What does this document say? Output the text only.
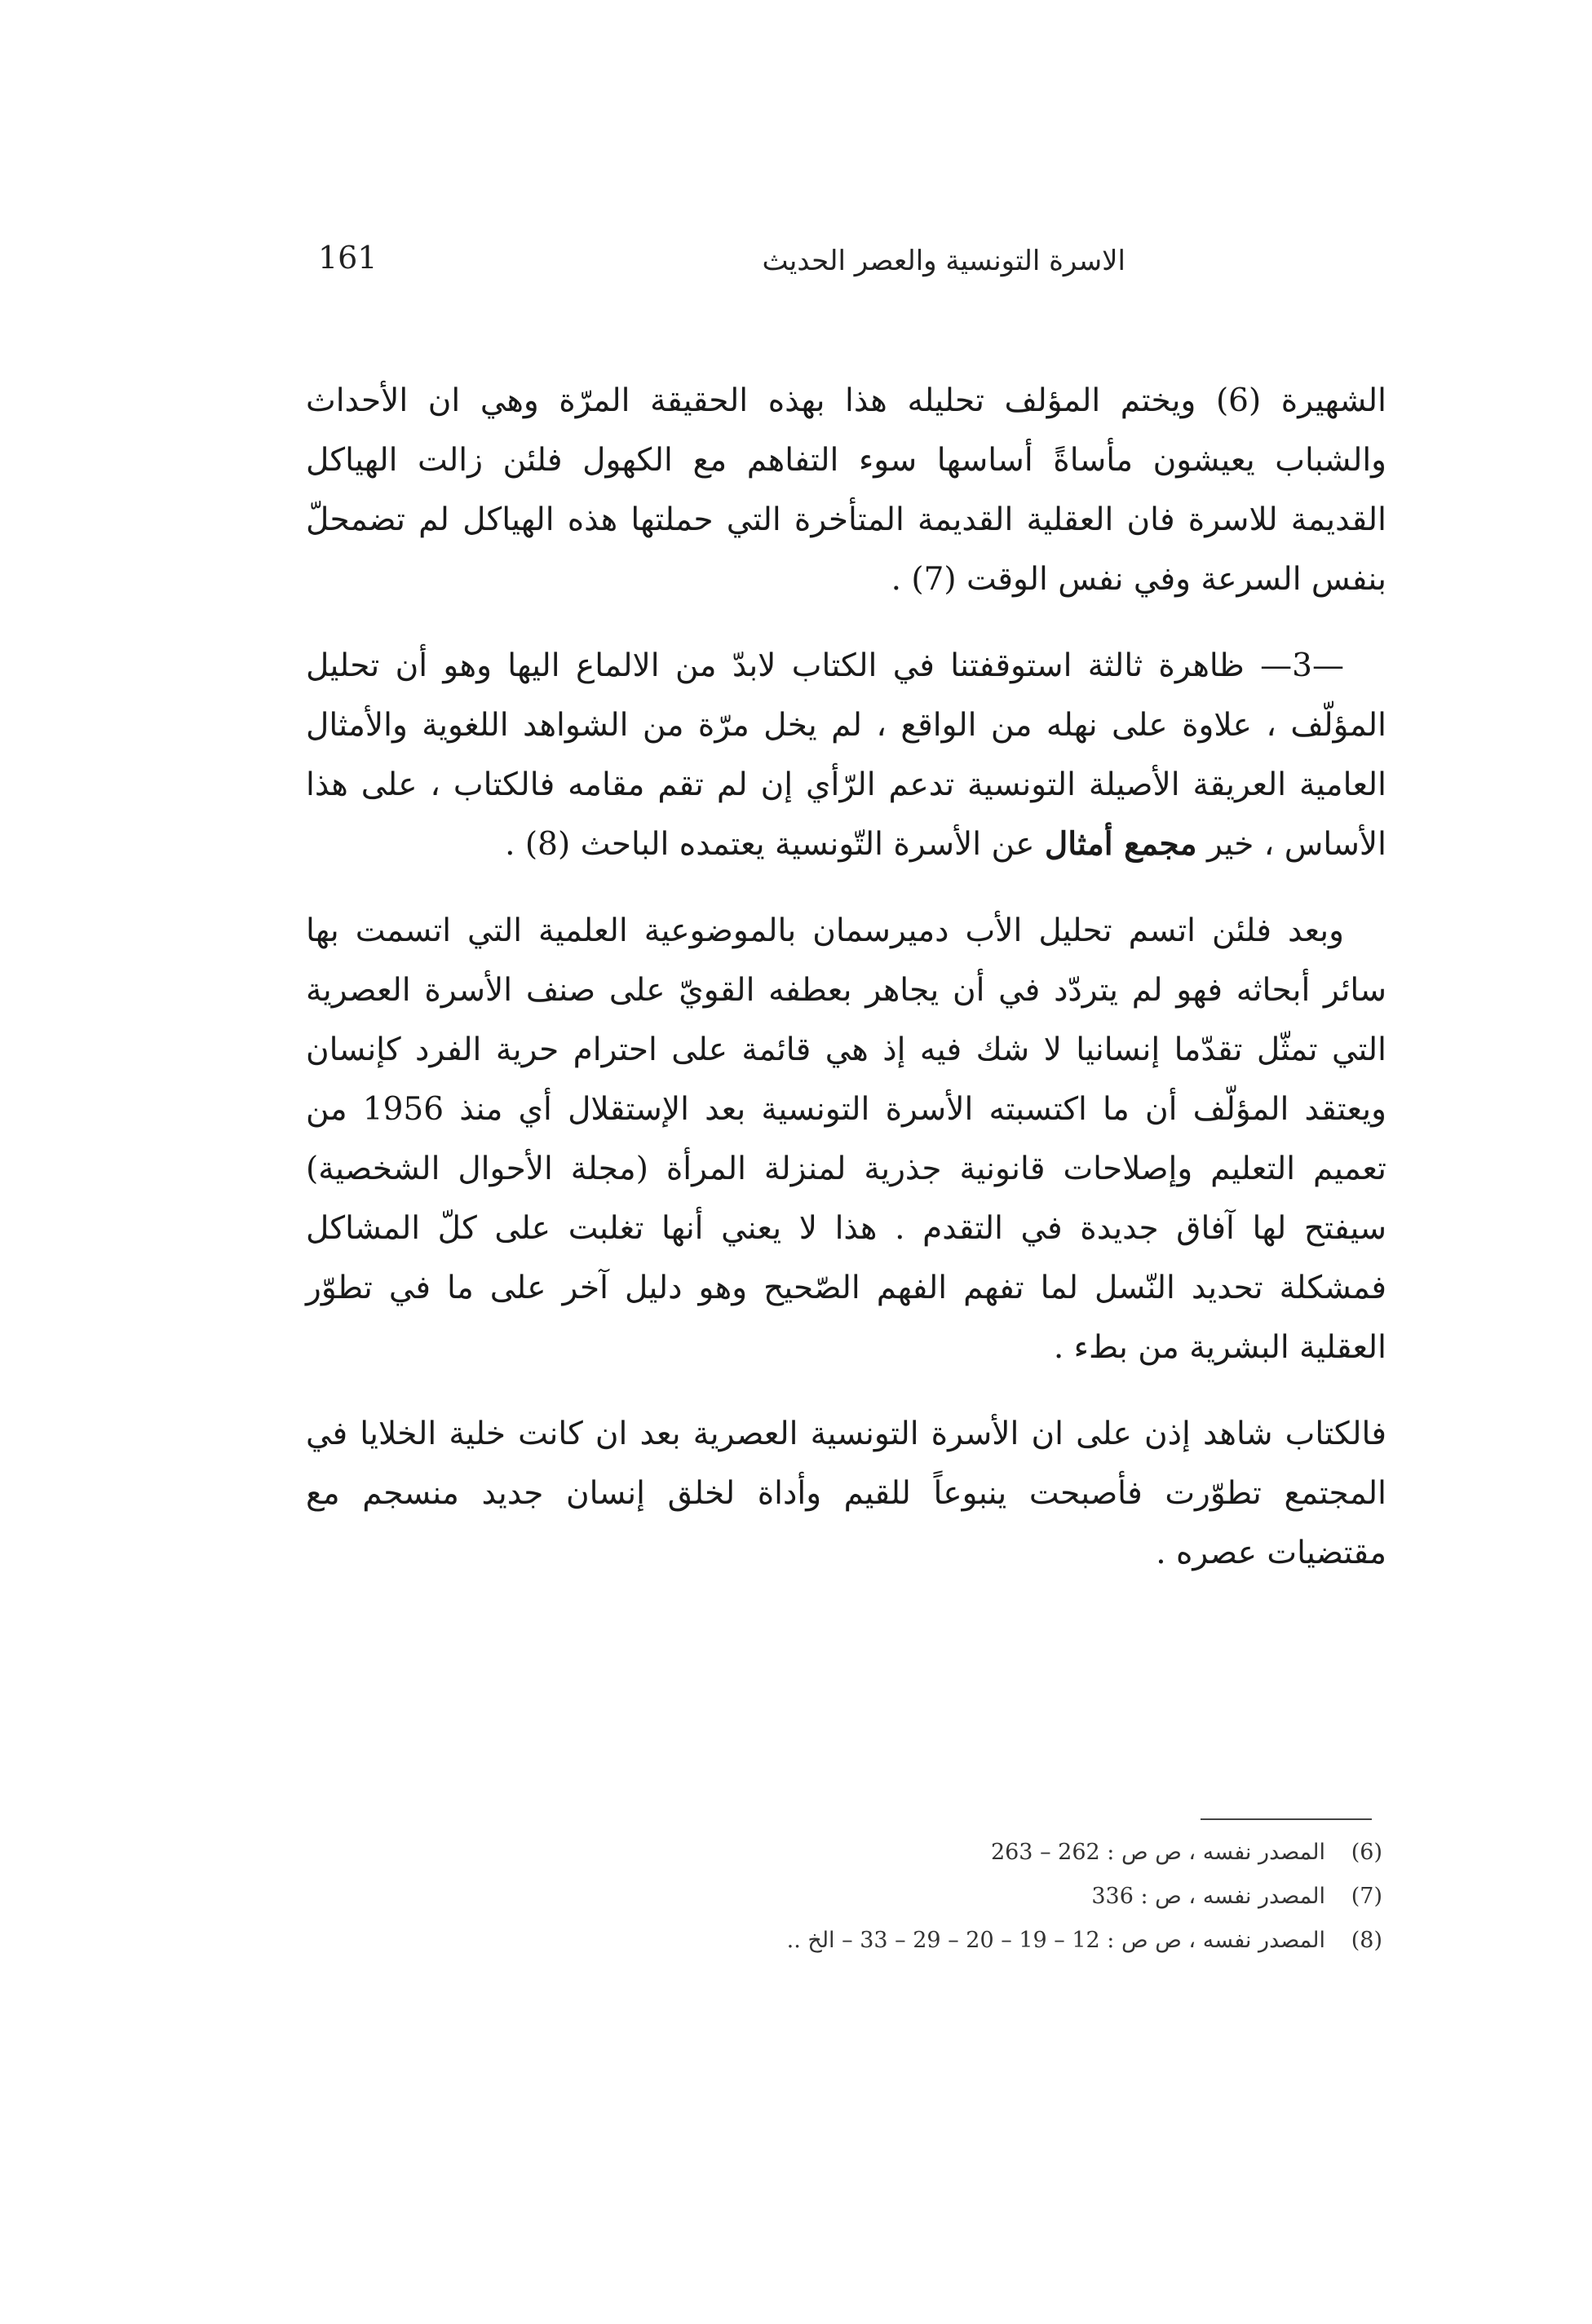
الاسرة التونسية والعصر الحديث
161

الشهيرة (6) ويختم المؤلف تحليله هذا بهذه الحقيقة المرّة وهي ان الأحداث والشباب يعيشون مأساةً أساسها سوء التفاهم مع الكهول فلئن زالت الهياكل القديمة للاسرة فان العقلية القديمة المتأخرة التي حملتها هذه الهياكل لم تضمحلّ بنفس السرعة وفي نفس الوقت (7) .

—3— ظاهرة ثالثة استوقفتنا في الكتاب لابدّ من الالماع اليها وهو أن تحليل المؤلّف ، علاوة على نهله من الواقع ، لم يخل مرّة من الشواهد اللغوية والأمثال العامية العريقة الأصيلة التونسية تدعم الرّأي إن لم تقم مقامه فالكتاب ، على هذا الأساس ، خير مجمع أمثال عن الأسرة التّونسية يعتمده الباحث (8) .

وبعد فلئن اتسم تحليل الأب دميرسمان بالموضوعية العلمية التي اتسمت بها سائر أبحاثه فهو لم يتردّد في أن يجاهر بعطفه القويّ على صنف الأسرة العصرية التي تمثّل تقدّما إنسانيا لا شك فيه إذ هي قائمة على احترام حرية الفرد كإنسان ويعتقد المؤلّف أن ما اكتسبته الأسرة التونسية بعد الإستقلال أي منذ 1956 من تعميم التعليم وإصلاحات قانونية جذرية لمنزلة المرأة (مجلة الأحوال الشخصية) سيفتح لها آفاق جديدة في التقدم . هذا لا يعني أنها تغلبت على كلّ المشاكل فمشكلة تحديد النّسل لما تفهم الفهم الصّحيح وهو دليل آخر على ما في تطوّر العقلية البشرية من بطء .

فالكتاب شاهد إذن على ان الأسرة التونسية العصرية بعد ان كانت خلية الخلايا في المجتمع تطوّرت فأصبحت ينبوعاً للقيم وأداة لخلق إنسان جديد منسجم مع مقتضيات عصره .

(6)
المصدر نفسه ، ص ص : 262 – 263
(7)
المصدر نفسه ، ص : 336
(8)
المصدر نفسه ، ص ص : 12 – 19 – 20 – 29 – 33 – الخ ..
